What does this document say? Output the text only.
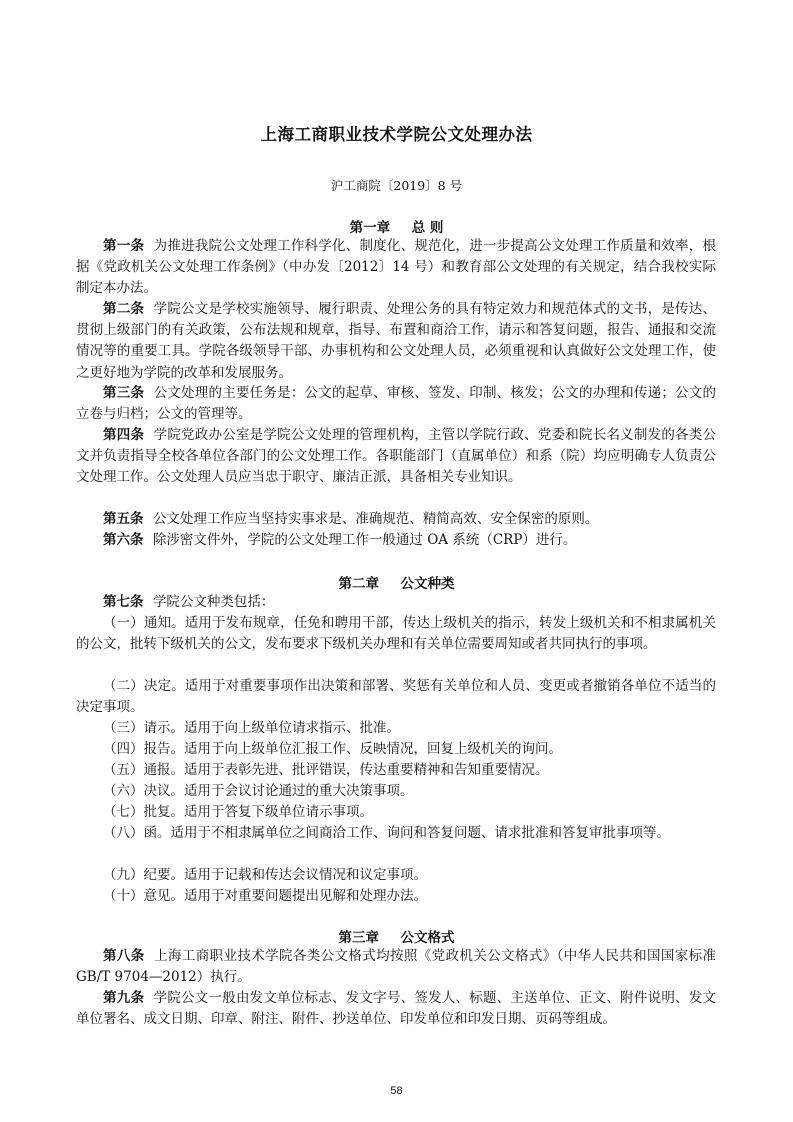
上海工商职业技术学院公文处理办法
沪工商院〔2019〕8 号
第一章 总 则

第一条 为推进我院公文处理工作科学化、制度化、规范化，进一步提高公文处理工作质量和效率，根据《党政机关公文处理工作条例》（中办发〔2012〕14 号）和教育部公文处理的有关规定，结合我校实际制定本办法。

第二条 学院公文是学校实施领导、履行职责、处理公务的具有特定效力和规范体式的文书，是传达、贯彻上级部门的有关政策，公布法规和规章，指导、布置和商洽工作，请示和答复问题，报告、通报和交流情况等的重要工具。学院各级领导干部、办事机构和公文处理人员，必须重视和认真做好公文处理工作，使之更好地为学院的改革和发展服务。

第三条 公文处理的主要任务是：公文的起草、审核、签发、印制、核发；公文的办理和传递；公文的立卷与归档；公文的管理等。

第四条 学院党政办公室是学院公文处理的管理机构，主管以学院行政、党委和院长名义制发的各类公文并负责指导全校各单位各部门的公文处理工作。各职能部门（直属单位）和系（院）均应明确专人负责公文处理工作。公文处理人员应当忠于职守、廉洁正派，具备相关专业知识。

第五条 公文处理工作应当坚持实事求是、准确规范、精简高效、安全保密的原则。

第六条 除涉密文件外，学院的公文处理工作一般通过 OA 系统（CRP）进行。

第二章 公文种类

第七条 学院公文种类包括：

（一）通知。适用于发布规章，任免和聘用干部，传达上级机关的指示，转发上级机关和不相隶属机关的公文，批转下级机关的公文，发布要求下级机关办理和有关单位需要周知或者共同执行的事项。

（二）决定。适用于对重要事项作出决策和部署、奖惩有关单位和人员、变更或者撤销各单位不适当的决定事项。

（三）请示。适用于向上级单位请求指示、批准。

（四）报告。适用于向上级单位汇报工作、反映情况，回复上级机关的询问。

（五）通报。适用于表彰先进、批评错误，传达重要精神和告知重要情况。

（六）决议。适用于会议讨论通过的重大决策事项。

（七）批复。适用于答复下级单位请示事项。

（八）函。适用于不相隶属单位之间商洽工作、询问和答复问题、请求批准和答复审批事项等。

（九）纪要。适用于记载和传达会议情况和议定事项。

（十）意见。适用于对重要问题提出见解和处理办法。

第三章 公文格式

第八条 上海工商职业技术学院各类公文格式均按照《党政机关公文格式》（中华人民共和国国家标准 GB/T 9704—2012）执行。

第九条 学院公文一般由发文单位标志、发文字号、签发人、标题、主送单位、正文、附件说明、发文单位署名、成文日期、印章、附注、附件、抄送单位、印发单位和印发日期、页码等组成。

58
